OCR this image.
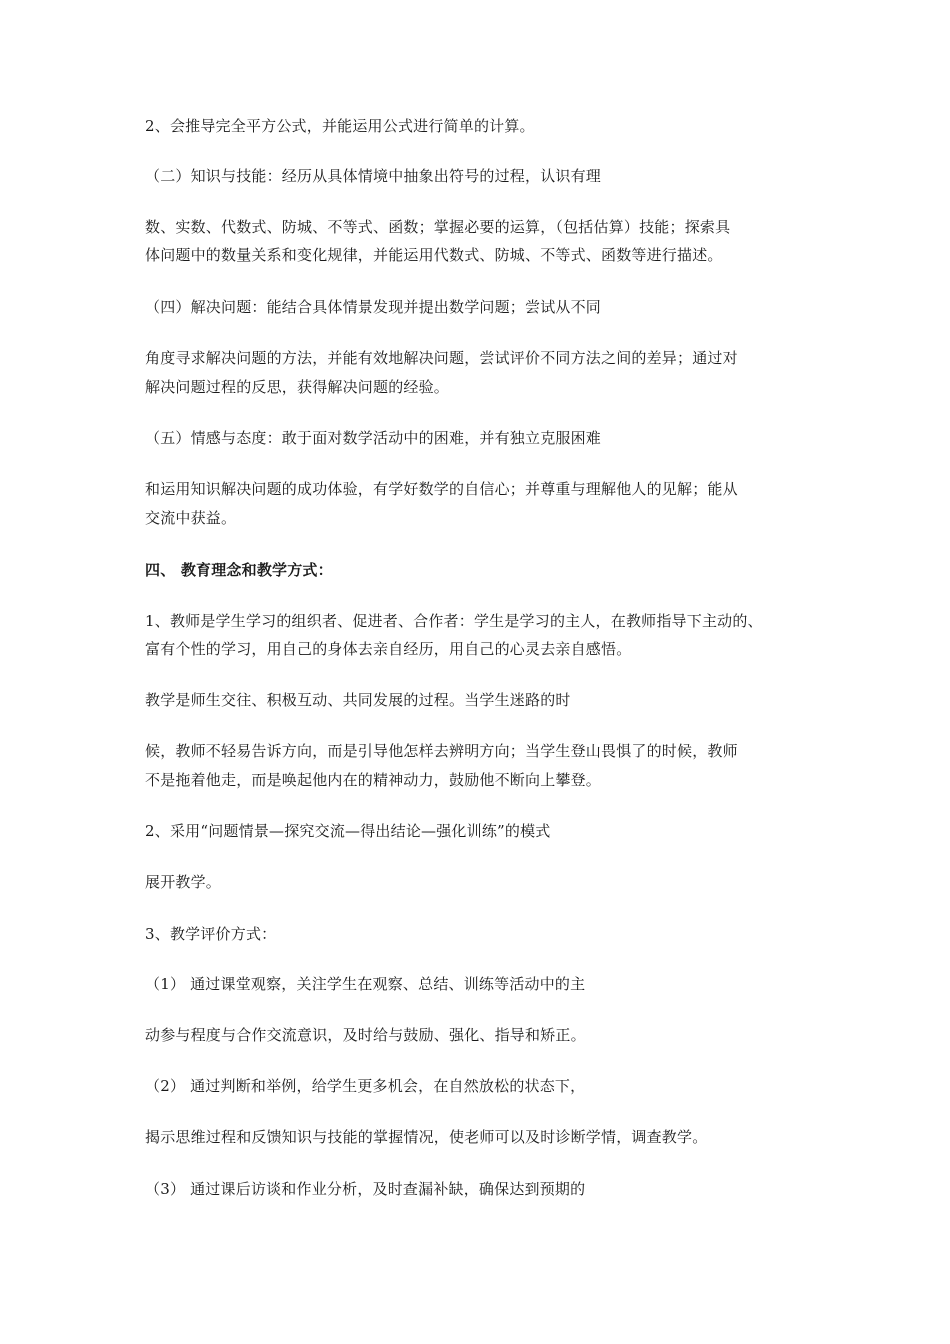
2、会推导完全平方公式，并能运用公式进行简单的计算。
（二）知识与技能：经历从具体情境中抽象出符号的过程，认识有理
数、实数、代数式、防城、不等式、函数；掌握必要的运算，（包括估算）技能；探索具
体问题中的数量关系和变化规律，并能运用代数式、防城、不等式、函数等进行描述。
（四）解决问题：能结合具体情景发现并提出数学问题；尝试从不同
角度寻求解决问题的方法，并能有效地解决问题，尝试评价不同方法之间的差异；通过对
解决问题过程的反思，获得解决问题的经验。
（五）情感与态度：敢于面对数学活动中的困难，并有独立克服困难
和运用知识解决问题的成功体验，有学好数学的自信心；并尊重与理解他人的见解；能从
交流中获益。
四、 教育理念和教学方式：
1、教师是学生学习的组织者、促进者、合作者：学生是学习的主人，在教师指导下主动的、
富有个性的学习，用自己的身体去亲自经历，用自己的心灵去亲自感悟。
教学是师生交往、积极互动、共同发展的过程。当学生迷路的时
候，教师不轻易告诉方向，而是引导他怎样去辨明方向；当学生登山畏惧了的时候，教师
不是拖着他走，而是唤起他内在的精神动力，鼓励他不断向上攀登。
2、采用“问题情景—探究交流—得出结论—强化训练”的模式
展开教学。
3、教学评价方式：
（1） 通过课堂观察，关注学生在观察、总结、训练等活动中的主
动参与程度与合作交流意识，及时给与鼓励、强化、指导和矫正。
（2） 通过判断和举例，给学生更多机会，在自然放松的状态下，
揭示思维过程和反馈知识与技能的掌握情况，使老师可以及时诊断学情，调查教学。
（3） 通过课后访谈和作业分析，及时查漏补缺，确保达到预期的
